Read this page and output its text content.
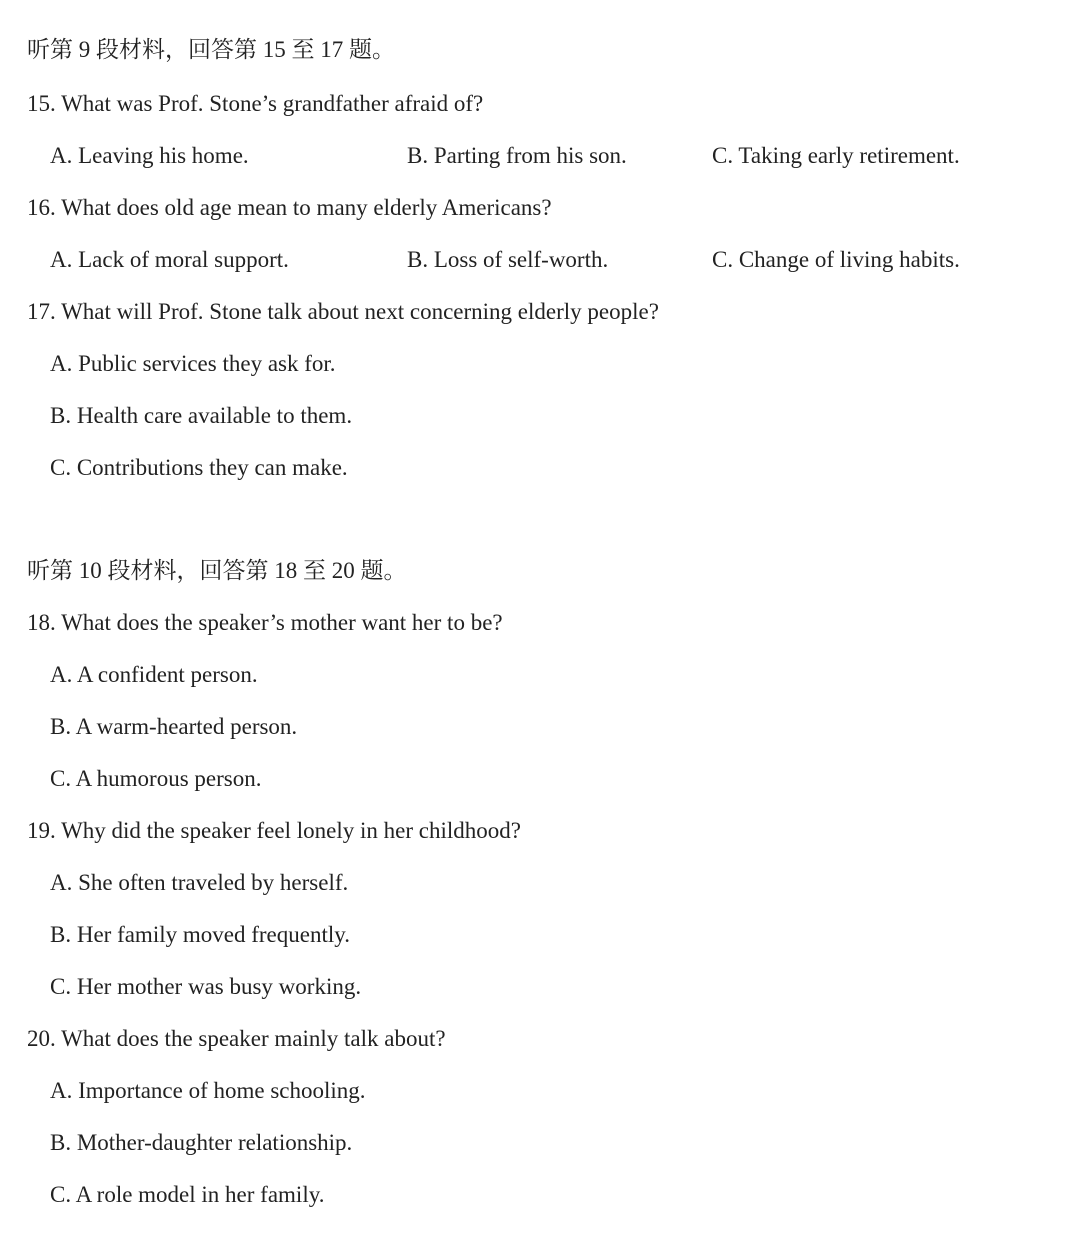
听第 9 段材料，回答第 15 至 17 题。
15. What was Prof. Stone’s grandfather afraid of?
A. Leaving his home.	B. Parting from his son.	C. Taking early retirement.
16. What does old age mean to many elderly Americans?
A. Lack of moral support.	B. Loss of self-worth.	C. Change of living habits.
17. What will Prof. Stone talk about next concerning elderly people?
A. Public services they ask for.
B. Health care available to them.
C. Contributions they can make.
听第 10 段材料，回答第 18 至 20 题。
18. What does the speaker’s mother want her to be?
A. A confident person.
B. A warm-hearted person.
C. A humorous person.
19. Why did the speaker feel lonely in her childhood?
A. She often traveled by herself.
B. Her family moved frequently.
C. Her mother was busy working.
20. What does the speaker mainly talk about?
A. Importance of home schooling.
B. Mother-daughter relationship.
C. A role model in her family.
